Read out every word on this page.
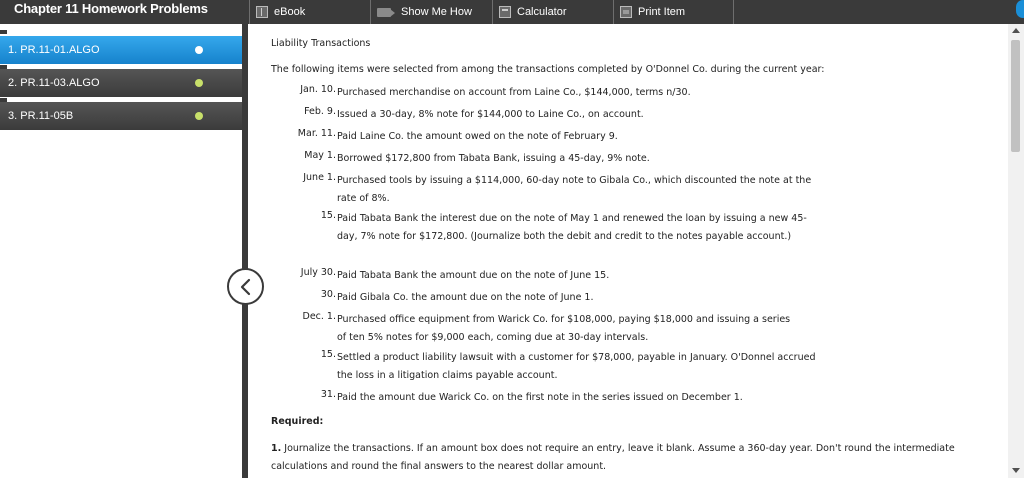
Chapter 11 Homework Problems	eBook	Show Me How	Calculator	Print Item
1. PR.11-01.ALGO
2. PR.11-03.ALGO
3. PR.11-05B
Liability Transactions
The following items were selected from among the transactions completed by O'Donnel Co. during the current year:
Jan. 10. Purchased merchandise on account from Laine Co., $144,000, terms n/30.
Feb. 9. Issued a 30-day, 8% note for $144,000 to Laine Co., on account.
Mar. 11. Paid Laine Co. the amount owed on the note of February 9.
May 1. Borrowed $172,800 from Tabata Bank, issuing a 45-day, 9% note.
June 1. Purchased tools by issuing a $114,000, 60-day note to Gibala Co., which discounted the note at the rate of 8%.
15. Paid Tabata Bank the interest due on the note of May 1 and renewed the loan by issuing a new 45-day, 7% note for $172,800. (Journalize both the debit and credit to the notes payable account.)
July 30. Paid Tabata Bank the amount due on the note of June 15.
30. Paid Gibala Co. the amount due on the note of June 1.
Dec. 1. Purchased office equipment from Warick Co. for $108,000, paying $18,000 and issuing a series of ten 5% notes for $9,000 each, coming due at 30-day intervals.
15. Settled a product liability lawsuit with a customer for $78,000, payable in January. O'Donnel accrued the loss in a litigation claims payable account.
31. Paid the amount due Warick Co. on the first note in the series issued on December 1.
Required:
1. Journalize the transactions. If an amount box does not require an entry, leave it blank. Assume a 360-day year. Don't round the intermediate calculations and round the final answers to the nearest dollar amount.
